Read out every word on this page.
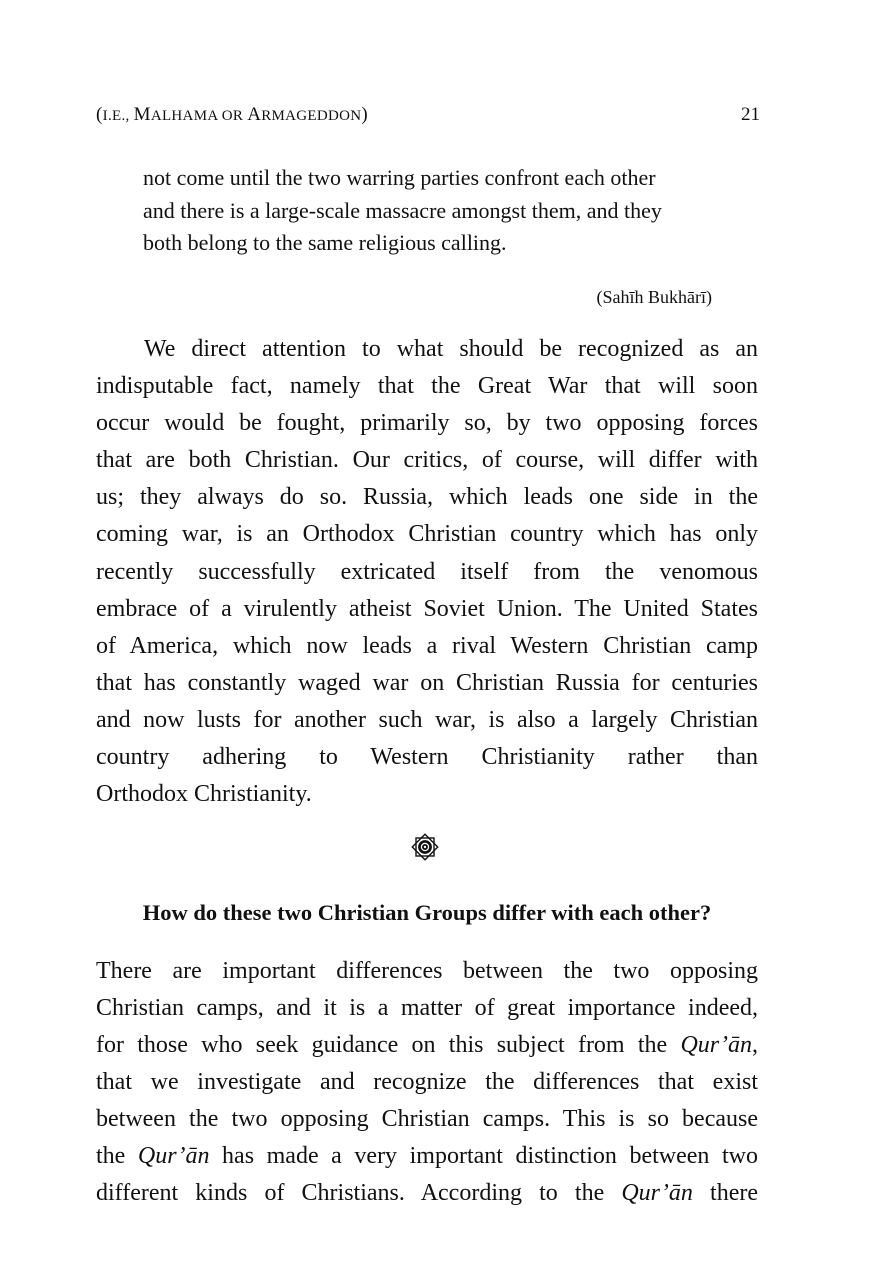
(I.E., MALHAMA OR ARMAGEDDON)	21
not come until the two warring parties confront each other
and there is a large-scale massacre amongst them, and they
both belong to the same religious calling.
(Sahīh Bukhārī)
We direct attention to what should be recognized as an
indisputable fact, namely that the Great War that will soon
occur would be fought, primarily so, by two opposing forces
that are both Christian. Our critics, of course, will differ with
us; they always do so. Russia, which leads one side in the
coming war, is an Orthodox Christian country which has only
recently successfully extricated itself from the venomous
embrace of a virulently atheist Soviet Union. The United States
of America, which now leads a rival Western Christian camp
that has constantly waged war on Christian Russia for centuries
and now lusts for another such war, is also a largely Christian
country adhering to Western Christianity rather than
Orthodox Christianity.
How do these two Christian Groups differ with each other?
There are important differences between the two opposing
Christian camps, and it is a matter of great importance indeed,
for those who seek guidance on this subject from the Qur’ān,
that we investigate and recognize the differences that exist
between the two opposing Christian camps. This is so because
the Qur’ān has made a very important distinction between two
different kinds of Christians. According to the Qur’ān there
